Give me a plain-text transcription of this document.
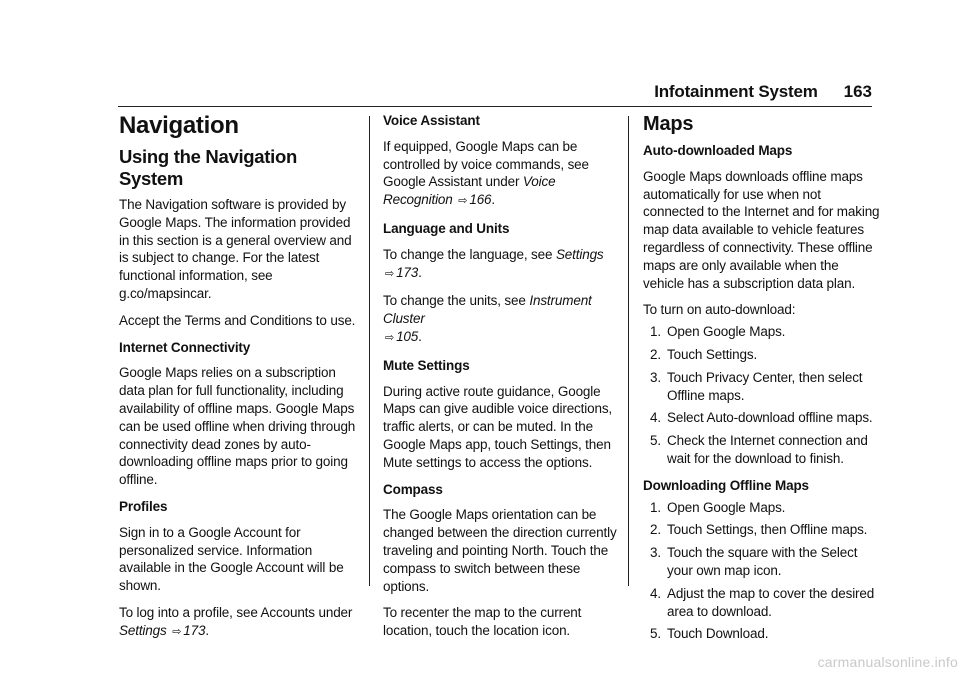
Infotainment System 163
Navigation
Using the Navigation System

The Navigation software is provided by Google Maps. The information provided in this section is a general overview and is subject to change. For the latest functional information, see g.co/mapsincar.

Accept the Terms and Conditions to use.

Internet Connectivity

Google Maps relies on a subscription data plan for full functionality, including availability of offline maps. Google Maps can be used offline when driving through connectivity dead zones by auto-downloading offline maps prior to going offline.

Profiles

Sign in to a Google Account for personalized service. Information available in the Google Account will be shown.

To log into a profile, see Accounts under Settings ⇨ 173.

Voice Assistant

If equipped, Google Maps can be controlled by voice commands, see Google Assistant under Voice Recognition ⇨ 166.

Language and Units

To change the language, see Settings ⇨ 173.

To change the units, see Instrument Cluster
⇨ 105.

Mute Settings

During active route guidance, Google Maps can give audible voice directions, traffic alerts, or can be muted. In the Google Maps app, touch Settings, then Mute settings to access the options.

Compass

The Google Maps orientation can be changed between the direction currently traveling and pointing North. Touch the compass to switch between these options.

To recenter the map to the current location, touch the location icon.

Maps

Auto-downloaded Maps

Google Maps downloads offline maps automatically for use when not connected to the Internet and for making map data available to vehicle features regardless of connectivity. These offline maps are only available when the vehicle has a subscription data plan.

To turn on auto-download:

1. Open Google Maps.
2. Touch Settings.
3. Touch Privacy Center, then select Offline maps.
4. Select Auto-download offline maps.
5. Check the Internet connection and wait for the download to finish.

Downloading Offline Maps

1. Open Google Maps.
2. Touch Settings, then Offline maps.
3. Touch the square with the Select your own map icon.
4. Adjust the map to cover the desired area to download.
5. Touch Download.
carmanualsonline.info
